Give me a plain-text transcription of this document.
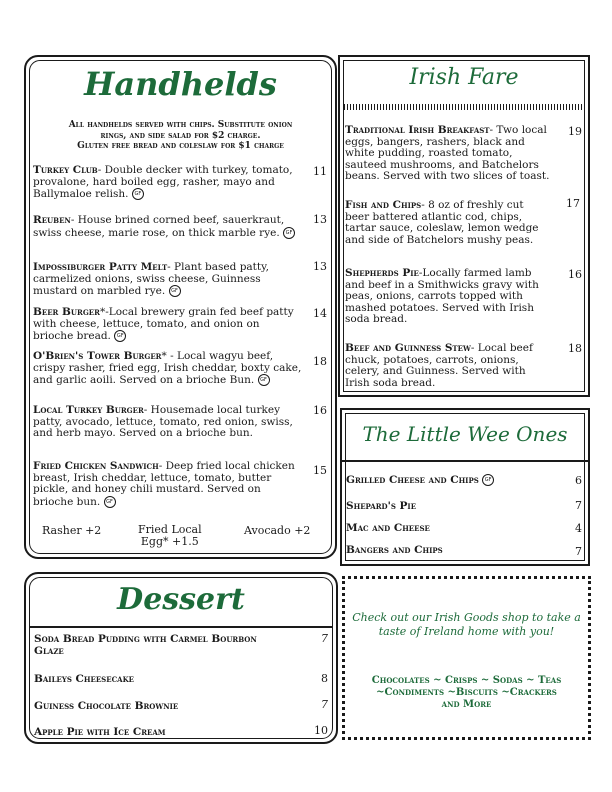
Handhelds
All handhelds served with chips. Substitute onion
rings, and side salad for $2 charge.
Gluten free bread and coleslaw for $1 charge
Turkey Club- Double decker with turkey, tomato, provalone, hard boiled egg, rasher, mayo and Ballymaloe relish. GF
11
Reuben- House brined corned beef, sauerkraut, swiss cheese, marie rose, on thick marble rye. GF
13
Impossiburger Patty Melt- Plant based patty, carmelized onions, swiss cheese, Guinness mustard on marbled rye. GF
13
Beer Burger*-Local brewery grain fed beef patty with cheese, lettuce, tomato, and onion on brioche bread. GF
14
O'Brien's Tower Burger* - Local wagyu beef, crispy rasher, fried egg, Irish cheddar, boxty cake, and garlic aoili. Served on a brioche Bun. GF
18
Local Turkey Burger- Housemade local turkey patty, avocado, lettuce, tomato, red onion, swiss, and herb mayo. Served on a brioche bun.
16
Fried Chicken Sandwich- Deep fried local chicken breast, Irish cheddar, lettuce, tomato, butter pickle, and honey chili mustard. Served on brioche bun. GF
15
Rasher +2	Fried Local
Egg* +1.5
Avocado +2
Irish Fare
Traditional Irish Breakfast- Two local eggs, bangers, rashers, black and white pudding, roasted tomato, sauteed mushrooms, and Batchelors beans. Served with two slices of toast.
19
Fish and Chips- 8 oz of freshly cut beer battered atlantic cod, chips, tartar sauce, coleslaw, lemon wedge and side of Batchelors mushy peas.
17
Shepherds Pie-Locally farmed lamb and beef in a Smithwicks gravy with peas, onions, carrots topped with mashed potatoes. Served with Irish soda bread.
16
Beef and Guinness Stew- Local beef chuck, potatoes, carrots, onions, celery, and Guinness. Served with Irish soda bread.
18
The Little Wee Ones
Grilled Cheese and Chips GF	6
Shepard's Pie	7
Mac and Cheese	4
Bangers and Chips	7
Dessert
Soda Bread Pudding with Carmel Bourbon Glaze
7
Baileys Cheesecake	8
Guiness Chocolate Brownie	7
Apple Pie with Ice Cream	10
Check out our Irish Goods shop to take a
taste of Ireland home with you!
Chocolates ~ Crisps ~ Sodas ~ Teas
~Condiments ~Biscuits ~Crackers
and More
